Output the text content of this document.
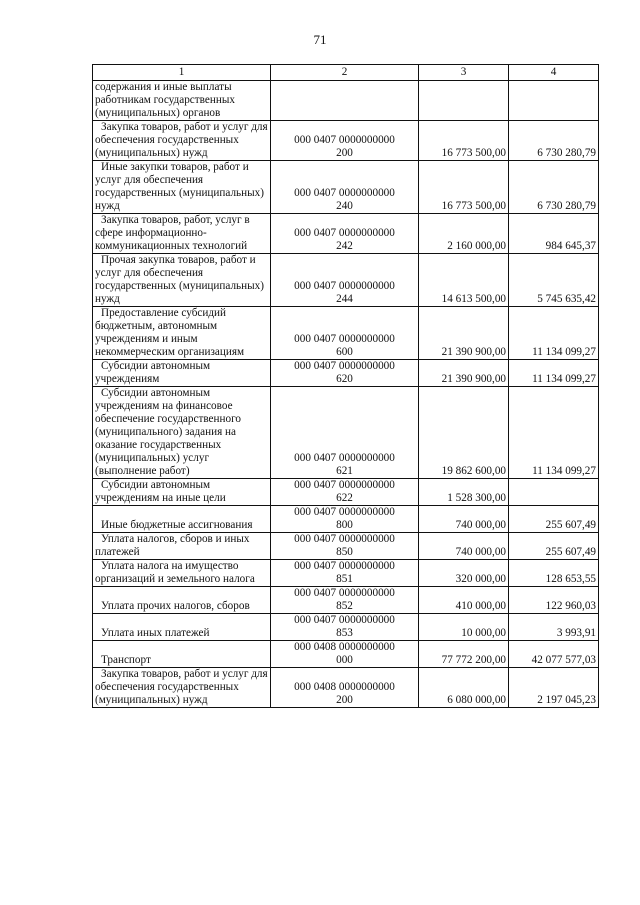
71
1	2	3	4

содержания и иные выплаты работникам государственных (муниципальных) органов			

Закупка товаров, работ и услуг для обеспечения государственных (муниципальных) нужд	000 0407 0000000000
200	16 773 500,00	6 730 280,79

Иные закупки товаров, работ и услуг для обеспечения государственных (муниципальных) нужд	000 0407 0000000000
240	16 773 500,00	6 730 280,79

Закупка товаров, работ, услуг в сфере информационно-коммуникационных технологий	000 0407 0000000000
242	2 160 000,00	984 645,37

Прочая закупка товаров, работ и услуг для обеспечения государственных (муниципальных) нужд	000 0407 0000000000
244	14 613 500,00	5 745 635,42

Предоставление субсидий бюджетным, автономным учреждениям и иным некоммерческим организациям	000 0407 0000000000
600	21 390 900,00	11 134 099,27

Субсидии автономным учреждениям	000 0407 0000000000
620	21 390 900,00	11 134 099,27

Субсидии автономным учреждениям на финансовое обеспечение государственного (муниципального) задания на оказание государственных (муниципальных) услуг (выполнение работ)	000 0407 0000000000
621	19 862 600,00	11 134 099,27

Субсидии автономным учреждениям на иные цели	000 0407 0000000000
622	1 528 300,00	

Иные бюджетные ассигнования	000 0407 0000000000
800	740 000,00	255 607,49

Уплата налогов, сборов и иных платежей	000 0407 0000000000
850	740 000,00	255 607,49

Уплата налога на имущество организаций и земельного налога	000 0407 0000000000
851	320 000,00	128 653,55

Уплата прочих налогов, сборов	000 0407 0000000000
852	410 000,00	122 960,03

Уплата иных платежей	000 0407 0000000000
853	10 000,00	3 993,91

Транспорт	000 0408 0000000000
000	77 772 200,00	42 077 577,03

Закупка товаров, работ и услуг для обеспечения государственных (муниципальных) нужд	000 0408 0000000000
200	6 080 000,00	2 197 045,23
